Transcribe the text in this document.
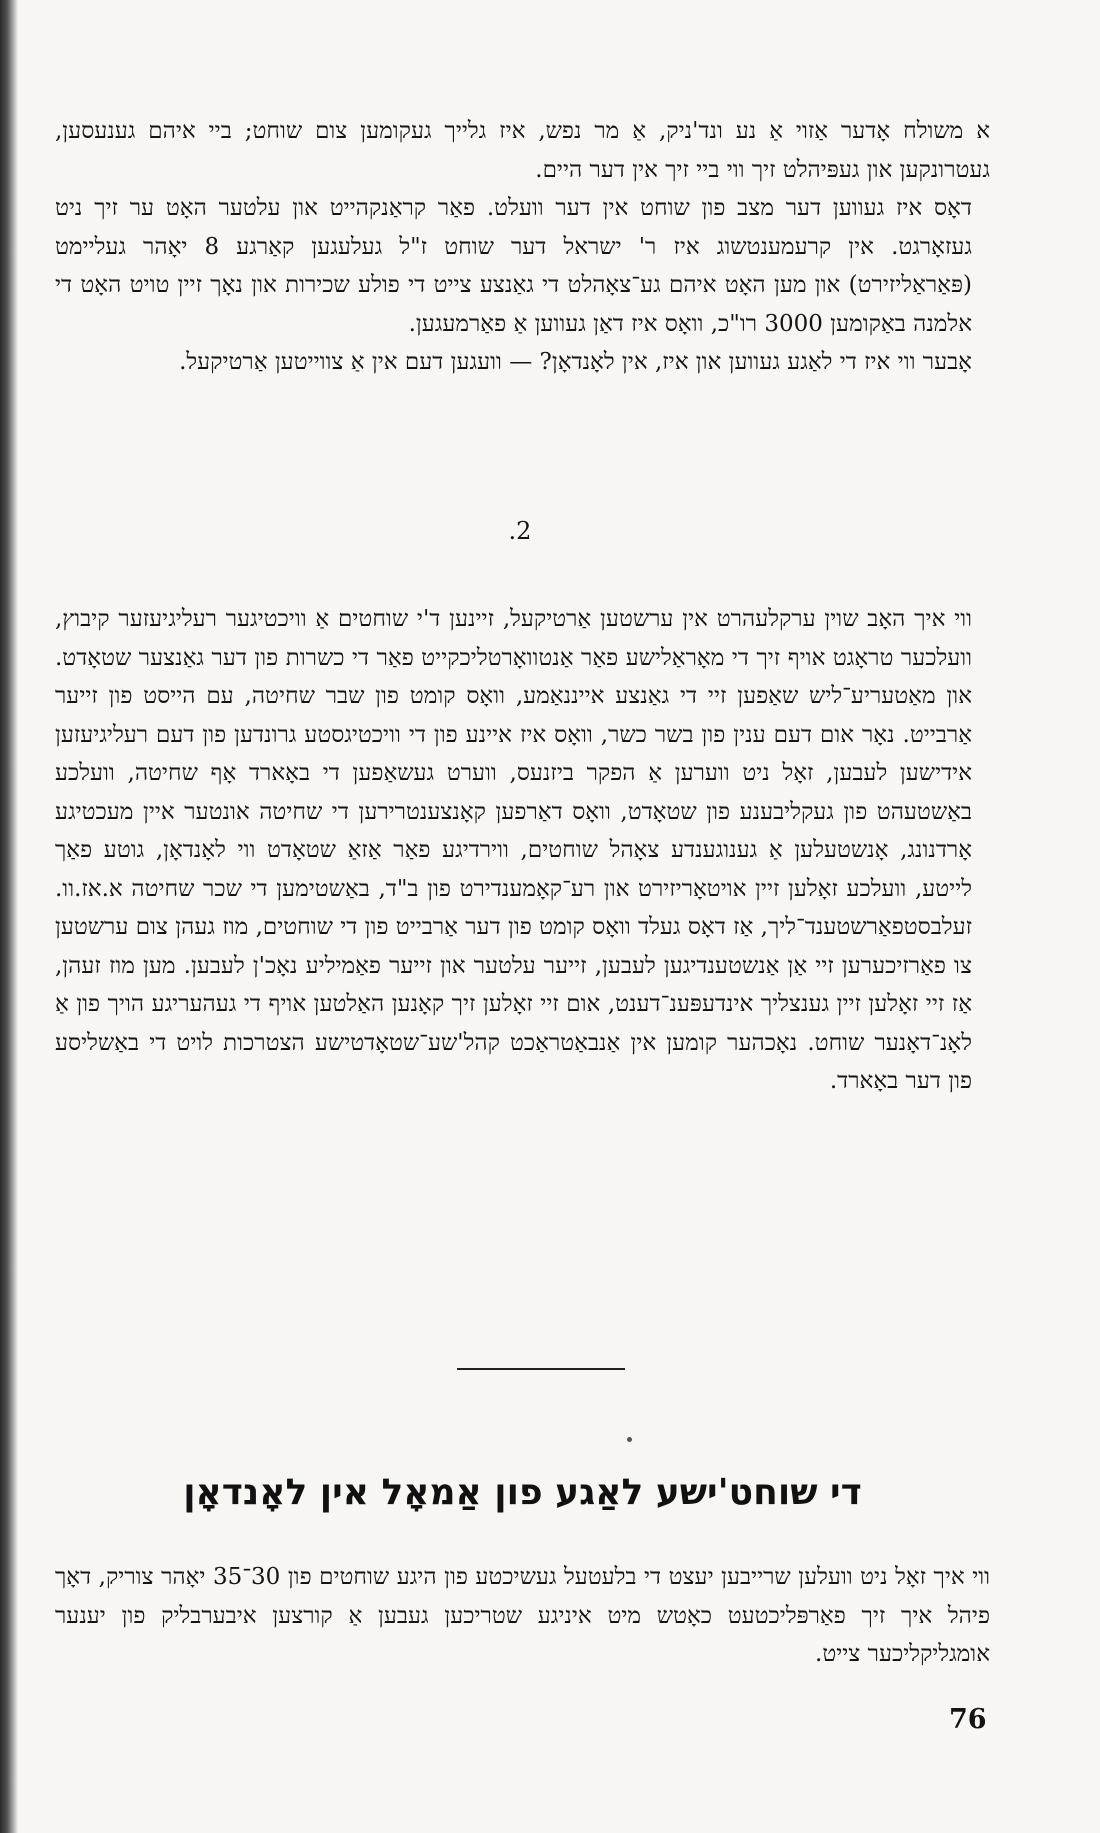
א משולח אָדער אַזוי אַ נע ונד'ניק, אַ מר נפש, איז גלייך געקומען צום שוחט; ביי איהם גענעסען, געטרונקען און געפּיהלט זיך ווי ביי זיך אין דער היים.

דאָס איז געווען דער מצב פון שוחט אין דער וועלט. פאַר קראַנקהייט און עלטער האָט ער זיך ניט געזאָרגט. אין קרעמענטשוג איז ר' ישראל דער שוחט ז"ל געלעגען קאַרגע 8 יאָהר געליימט (פּאַראַליזירט) און מען האָט איהם גע־צאָהלט די גאַנצע צייט די פולע שכירות און נאָך זיין טויט האָט די אלמנה באַקומען 3000 רו"כ, וואָס איז דאַן געווען אַ פאַרמעגען.

אָבער ווי איז די לאַגע געווען און איז, אין לאָנדאָן? — וועגען דעם אין אַ צווייטען אַרטיקעל.

.2

ווי איך האָב שוין ערקלעהרט אין ערשטען אַרטיקעל, זיינען ד'י שוחטים אַ וויכטיגער רעליגיעזער קיבוץ, וועלכער טראָגט אויף זיך די מאָראַלישע פאַר אַנטוואָרטליכקייט פאַר די כשרות פון דער גאַנצער שטאָדט. און מאַטעריע־ליש שאַפען זיי די גאַנצע אייננאַמע, וואָס קומט פון שבר שחיטה, עם הייסט פון זייער אַרבייט. נאָר אום דעם ענין פון בשר כשר, וואָס איז איינע פון די וויכטיגסטע גרונדען פון דעם רעליגיעזען אידישען לעבען, זאָל ניט ווערען אַ הפקר ביזנעס, ווערט געשאַפען די באָארד אָף שחיטה, וועלכע באַשטעהט פון געקליבענע פון שטאָדט, וואָס דאַרפען קאָנצענטרירען די שחיטה אונטער איין מעכטיגע אָרדנונג, אָנשטעלען אַ גענוגענדע צאָהל שוחטים, ווירדיגע פאַר אַזאַ שטאָדט ווי לאָנדאָן, גוטע פאַך לייטע, וועלכע זאָלען זיין אויטאָריזירט און רע־קאָמענדירט פון ב"ד, באַשטימען די שכר שחיטה א.אז.וו. זעלבסטפאַרשטענד־ליך, אַז דאָס געלד וואָס קומט פון דער אַרבייט פון די שוחטים, מוז געהן צום ערשטען צו פאַרזיכערען זיי אַן אַנשטענדיגען לעבען, זייער עלטער און זייער פאַמיליע נאָכ'ן לעבען. מען מוז זעהן, אַז זיי זאָלען זיין גענצליך אינדעפּענ־דענט, אום זיי זאָלען זיך קאָנען האַלטען אויף די געהעריגע הויך פון אַ לאָנ־דאָנער שוחט. נאָכהער קומען אין אַנבאַטראַכט קהל'שע־שטאָדטישע הצטרכות לויט די באַשליסע פון דער באָארד.

די שוחט'ישע לאַגע פון אַמאָל אין לאָנדאָן

ווי איך זאָל ניט וועלען שרייבען יעצט די בלעטעל געשיכטע פון היגע שוחטים פון 30־35 יאָהר צוריק, דאָך פיהל איך זיך פאַרפּליכטעט כאָטש מיט איניגע שטריכען געבען אַ קורצען איבערבליק פון יענער אומגליקליכער צייט.

76
